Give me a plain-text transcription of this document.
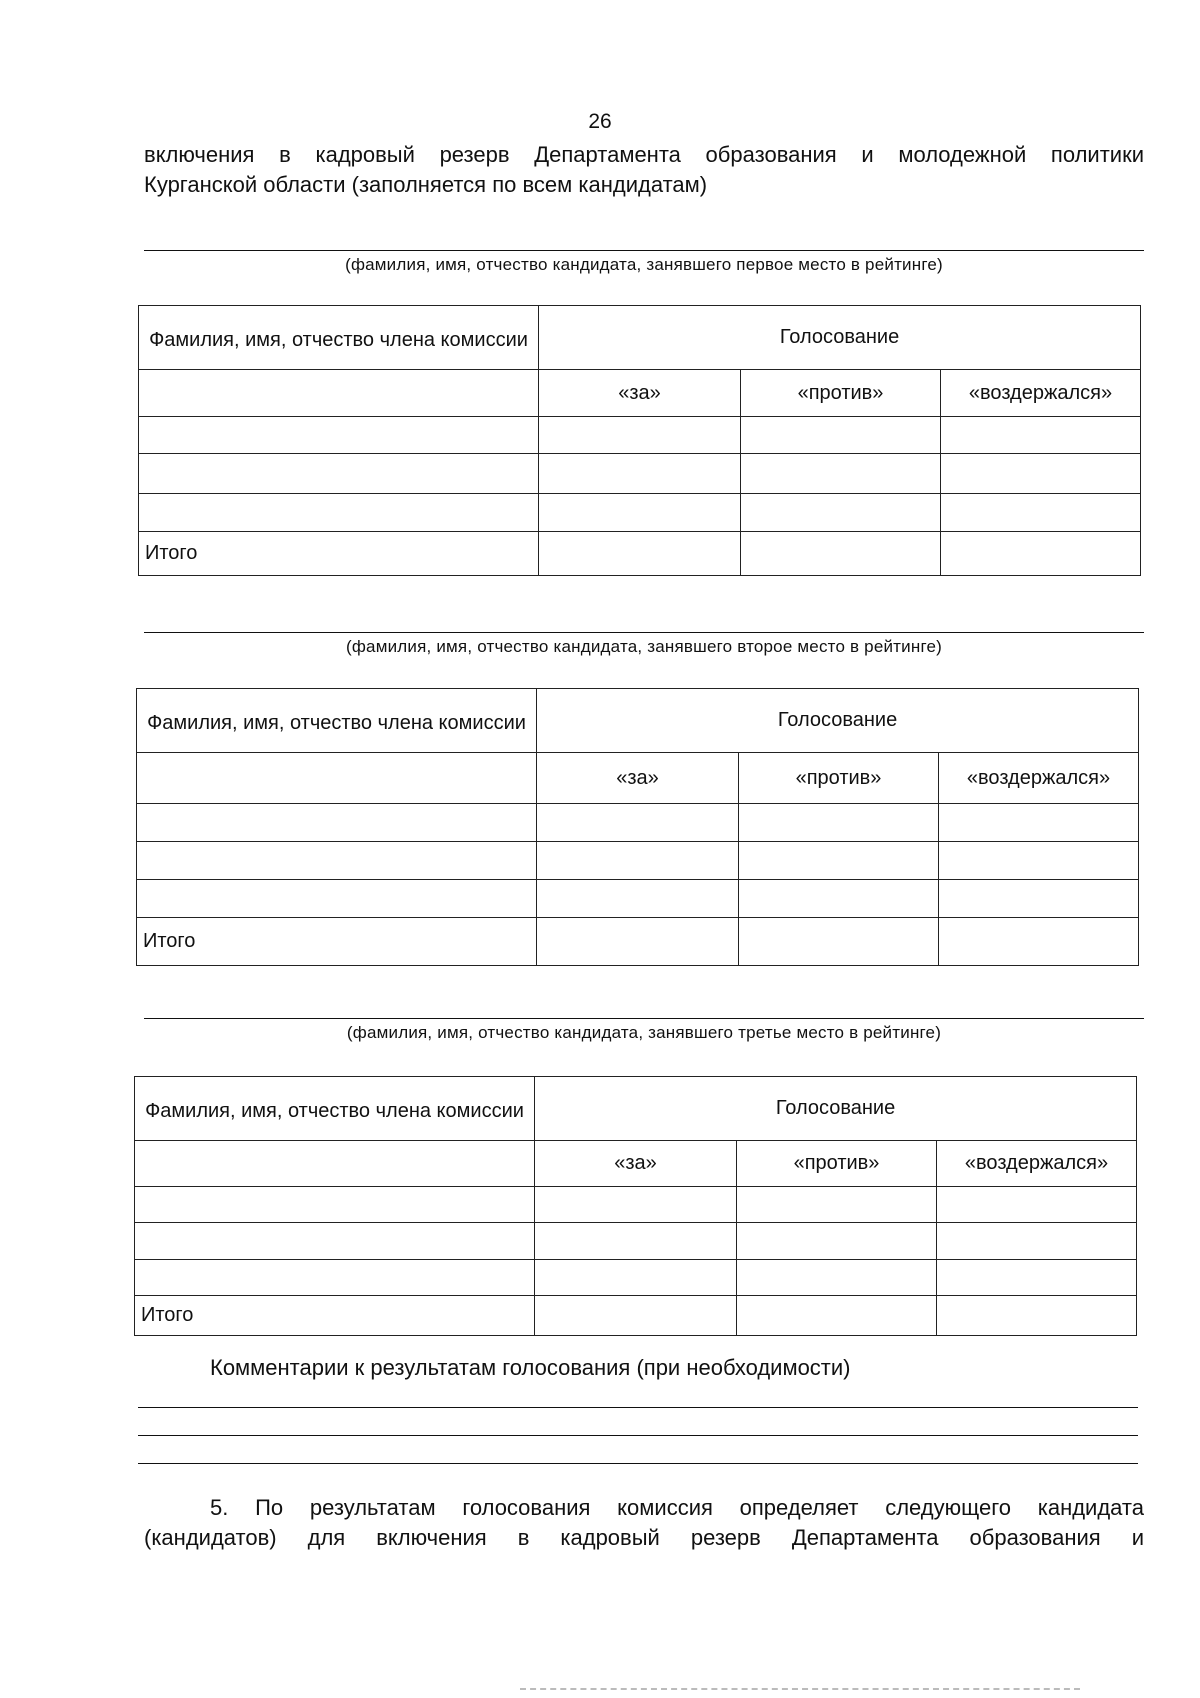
26
включения в кадровый резерв Департамента образования и молодежной политики
Курганской области (заполняется по всем кандидатам)
(фамилия, имя, отчество кандидата, занявшего первое место в рейтинге)
Фамилия, имя, отчество члена комиссии	Голосование		
	«за»	«против»	«воздержался»

Итого			
(фамилия, имя, отчество кандидата, занявшего второе место в рейтинге)
Фамилия, имя, отчество члена комиссии	Голосование		
	«за»	«против»	«воздержался»

Итого			
(фамилия, имя, отчество кандидата, занявшего третье место в рейтинге)
Фамилия, имя, отчество члена комиссии	Голосование		
	«за»	«против»	«воздержался»

Итого			
Комментарии к результатам голосования (при необходимости)
5. По результатам голосования комиссия определяет следующего кандидата
(кандидатов) для включения в кадровый резерв Департамента образования и
